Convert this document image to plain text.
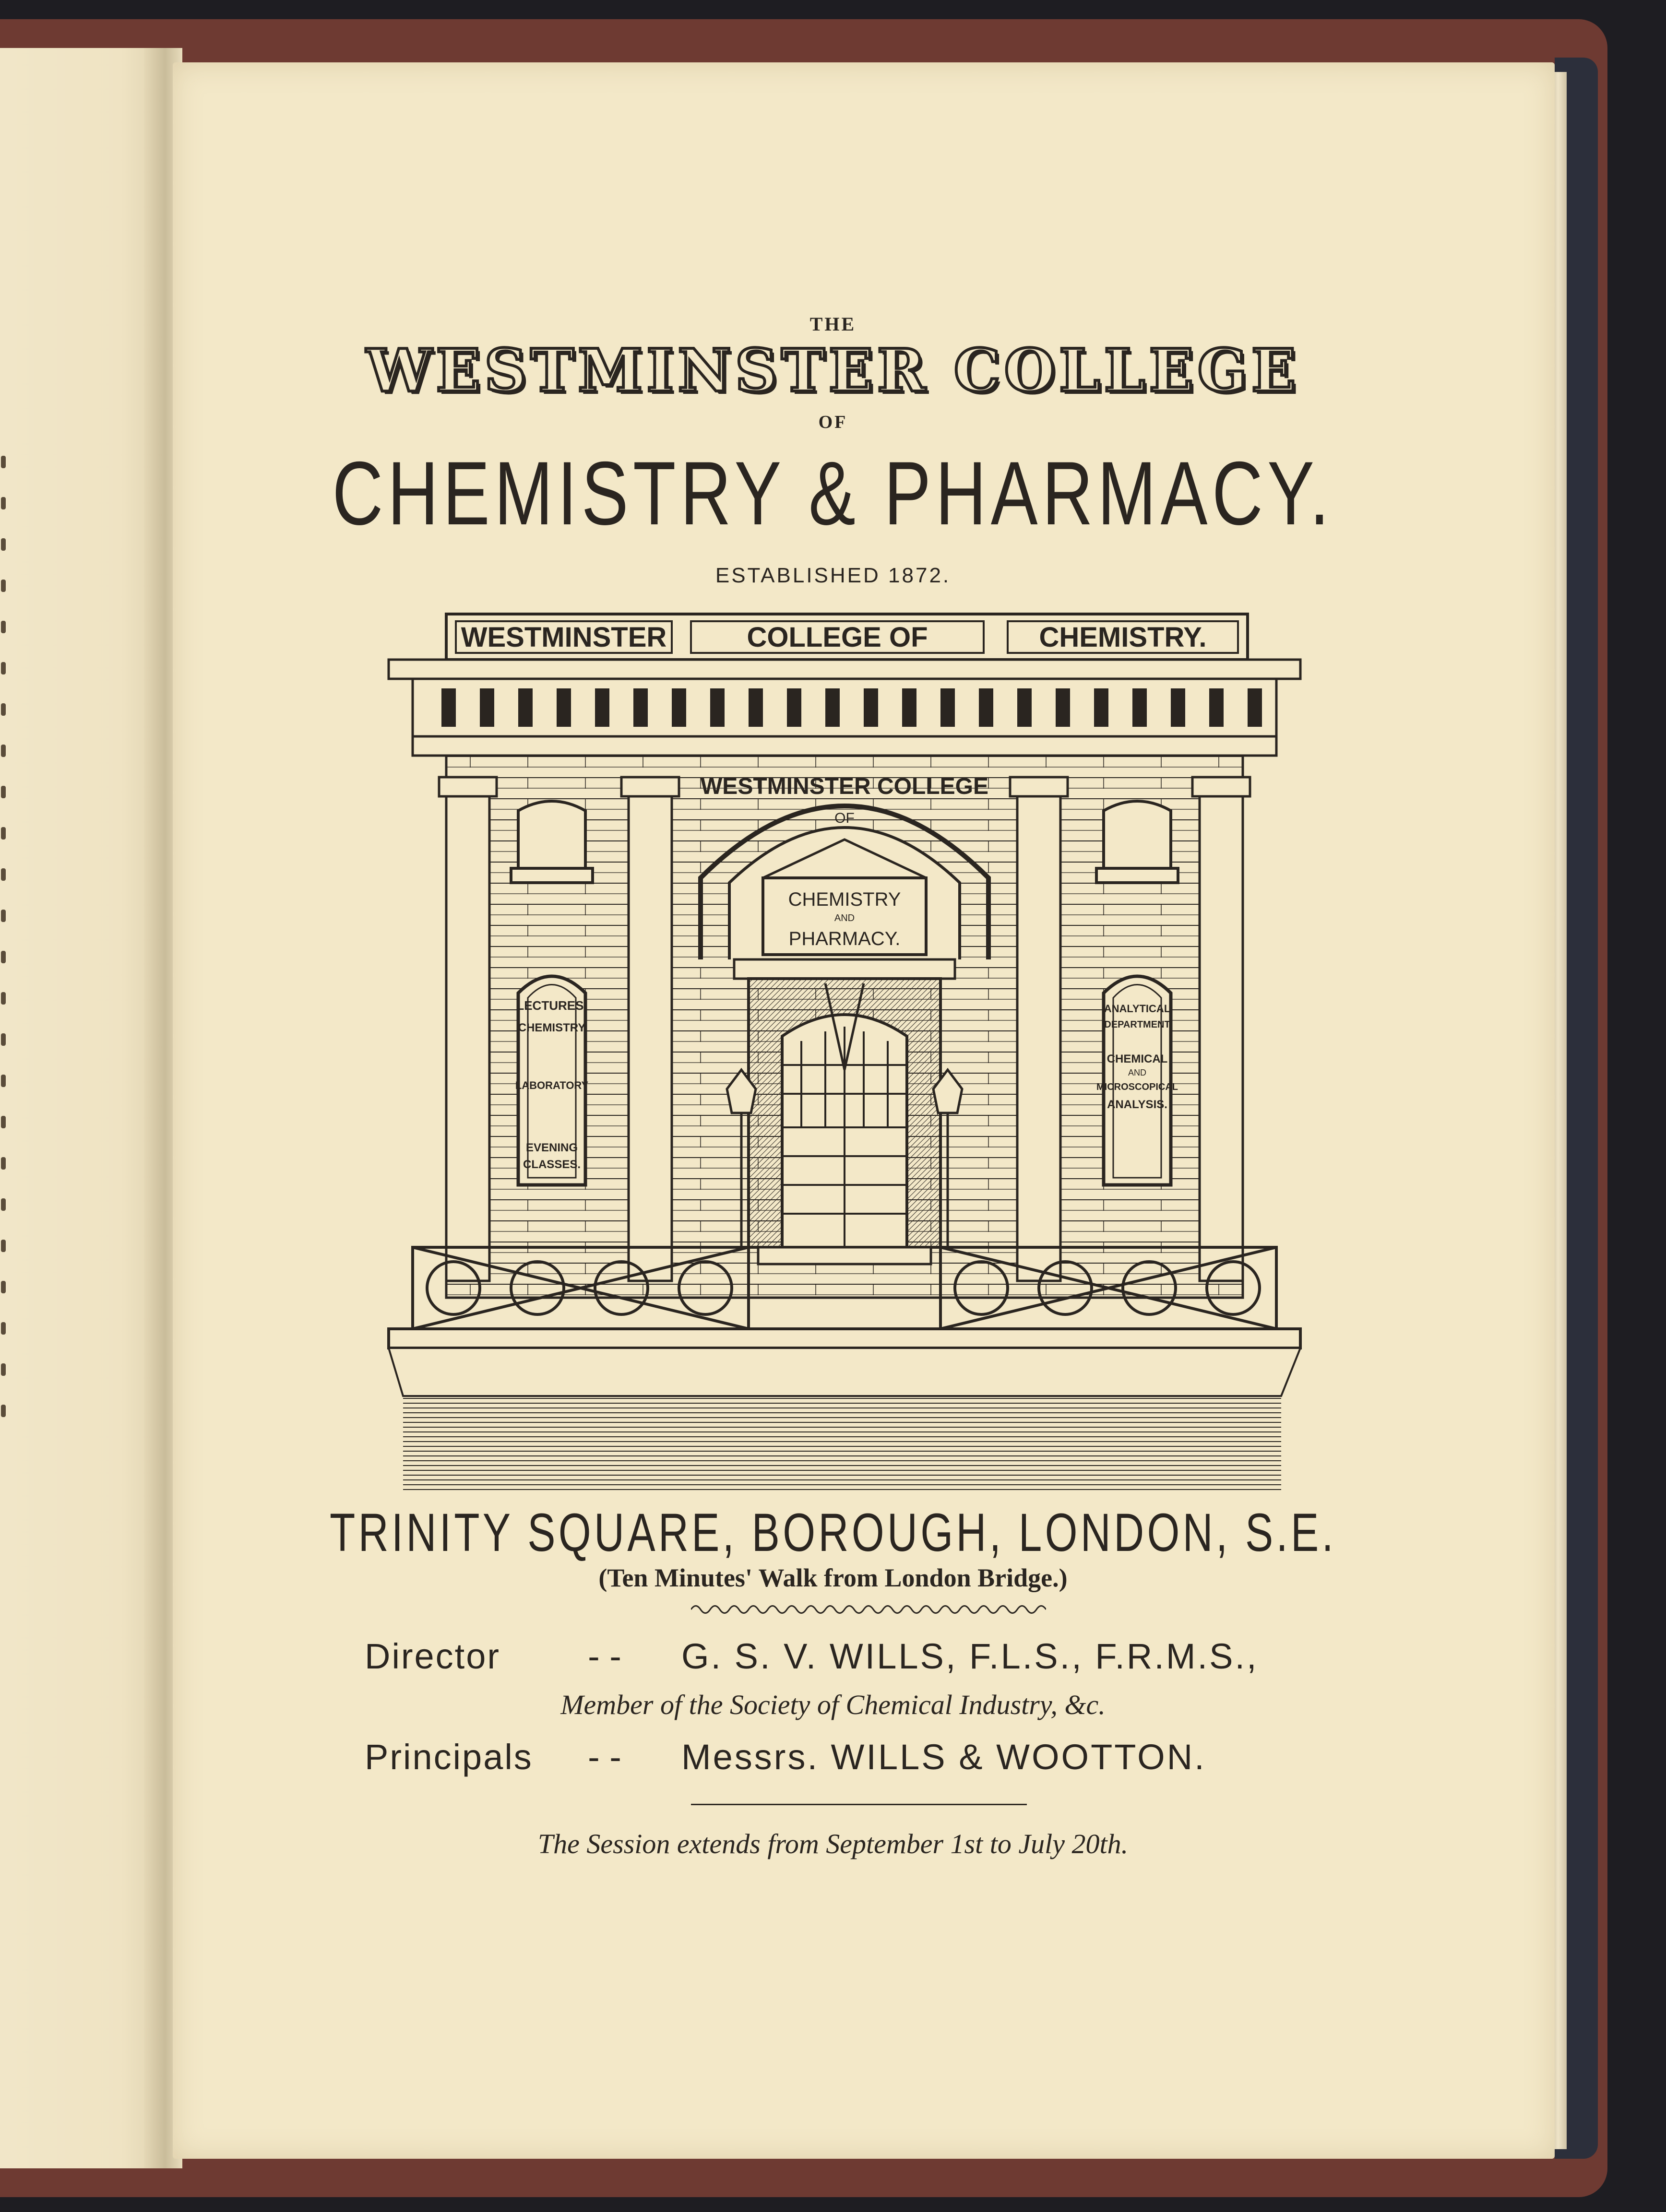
THE
WESTMINSTER COLLEGE
OF
CHEMISTRY & PHARMACY.
ESTABLISHED 1872.
WESTMINSTER	COLLEGE OF	CHEMISTRY.
WESTMINSTER COLLEGE
OF
CHEMISTRY
AND
PHARMACY.
LECTURES.
CHEMISTRY
LABORATORY
EVENING
CLASSES.
ANALYTICAL
DEPARTMENT
CHEMICAL
AND
MICROSCOPICAL
ANALYSIS.
TRINITY SQUARE, BOROUGH, LONDON, S.E.
(Ten Minutes' Walk from London Bridge.)
Director - - G. S. V. WILLS, F.L.S., F.R.M.S.,
Member of the Society of Chemical Industry, &c.
Principals - - Messrs. WILLS & WOOTTON.
The Session extends from September 1st to July 20th.
